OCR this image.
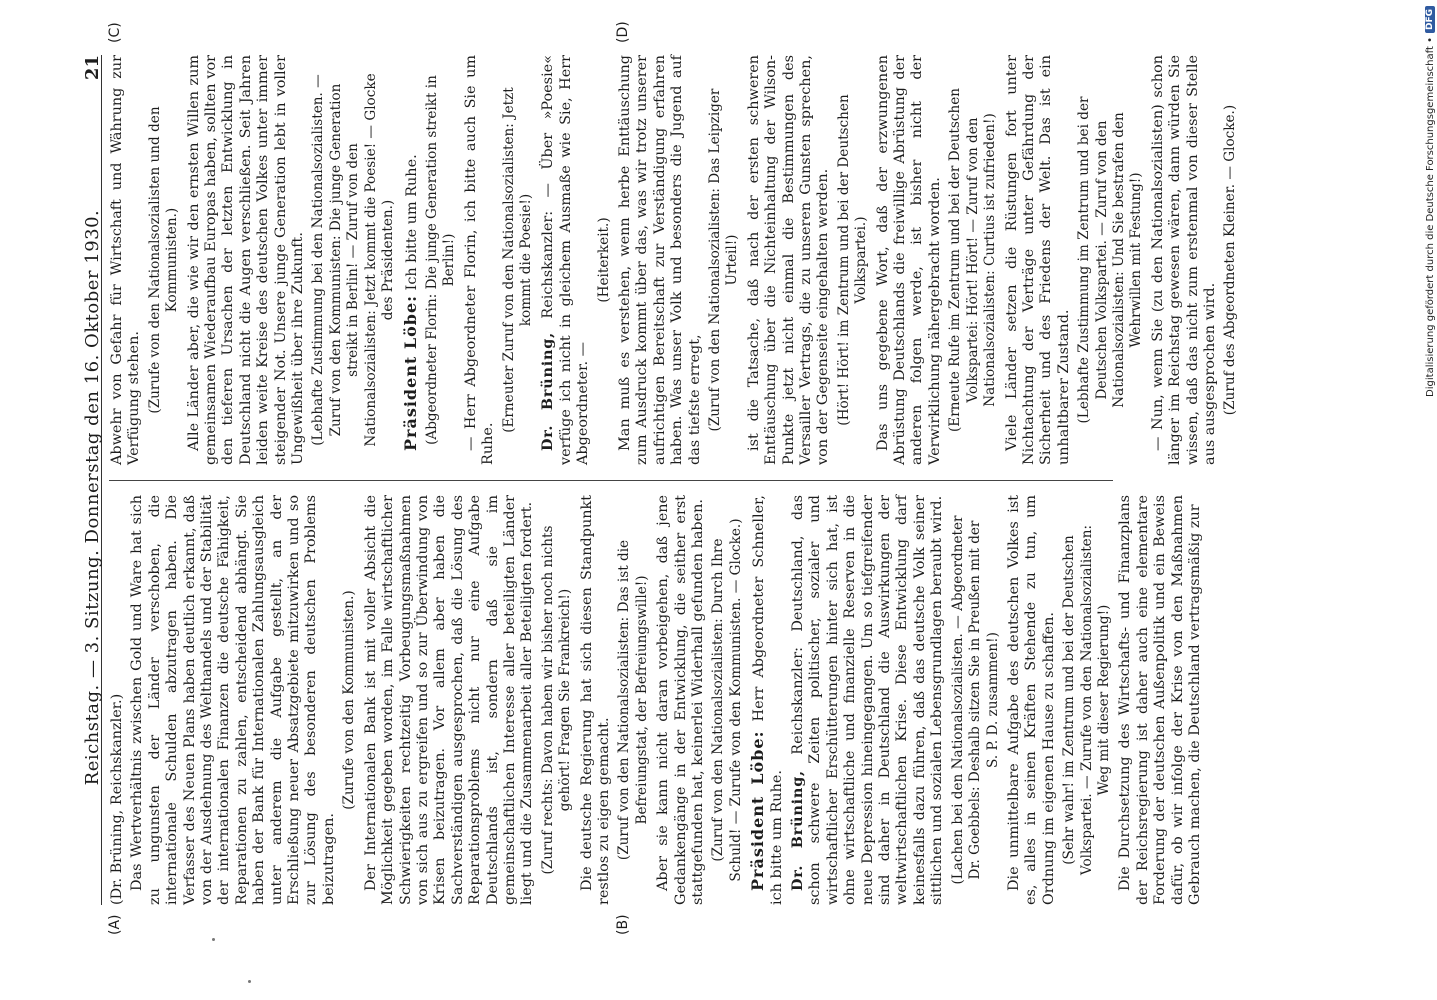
Reichstag. — 3. Sitzung. Donnerstag den 16. Oktober 1930.
21

(Dr. Brüning, Reichskanzler.) Das Wertverhältnis zwischen Gold und Ware hat sich zu ungunsten der Länder verschoben, die internationale Schulden abzutragen haben. Die Verfasser des Neuen Plans haben deutlich erkannt, daß von der Ausdehnung des Welthandels und der Stabilität der internationalen Finanzen die deutsche Fähigkeit, Reparationen zu zahlen, entscheidend abhängt. Sie haben der Bank für Internationalen Zahlungsausgleich unter anderem die Aufgabe gestellt, an der Erschließung neuer Absatzgebiete mitzuwirken und so zur Lösung des besonderen deutschen Problems beizutragen.

(Zurufe von den Kommunisten.) Der Internationalen Bank ist mit voller Absicht die Möglichkeit gegeben worden, im Falle wirtschaftlicher Schwierigkeiten rechtzeitig Vorbeugungsmaßnahmen von sich aus zu ergreifen und so zur Überwindung von Krisen beizutragen. Vor allem aber haben die Sachverständigen ausgesprochen, daß die Lösung des Reparationsproblems nicht nur eine Aufgabe Deutschlands ist, sondern daß sie im gemeinschaftlichen Interesse aller beteiligten Länder liegt und die Zusammenarbeit aller Beteiligten fordert. (Zuruf rechts: Davon haben wir bisher noch nichts gehört! Fragen Sie Frankreich!) Die deutsche Regierung hat sich diesen Standpunkt restlos zu eigen gemacht. (Zuruf von den Nationalsozialisten: Das ist die Befreiungstat, der Befreiungswille!) Aber sie kann nicht daran vorbeigehen, daß jene Gedankengänge in der Entwicklung, die seither erst stattgefunden hat, keinerlei Widerhall gefunden haben. (Zuruf von den Nationalsozialisten: Durch Ihre Schuld! — Zurufe von den Kommunisten. — Glocke.) Präsident Löbe: Herr Abgeordneter Schneller, ich bitte um Ruhe. Dr. Brüning, Reichskanzler: Deutschland, das schon schwere Zeiten politischer, sozialer und wirtschaftlicher Erschütterungen hinter sich hat, ist ohne wirtschaftliche und finanzielle Reserven in die neue Depression hineingegangen. Um so tiefgreifender sind daher in Deutschland die Auswirkungen der weltwirtschaftlichen Krise. Diese Entwicklung darf keinesfalls dazu führen, daß das deutsche Volk seiner sittlichen und sozialen Lebensgrundlagen beraubt wird. (Lachen bei den Nationalsozialisten. — Abgeordneter Dr. Goebbels: Deshalb sitzen Sie in Preußen mit der S. P. D. zusammen!) Die unmittelbare Aufgabe des deutschen Volkes ist es, alles in seinen Kräften Stehende zu tun, um Ordnung im eigenen Hause zu schaffen. (Sehr wahr! im Zentrum und bei der Deutschen Volkspartei. — Zurufe von den Nationalsozialisten: Weg mit dieser Regierung!) Die Durchsetzung des Wirtschafts- und Finanzplans der Reichsregierung ist daher auch eine elementare Forderung der deutschen Außenpolitik und ein Beweis dafür, ob wir infolge der Krise von den Maßnahmen Gebrauch machen, die Deutschland vertragsmäßig zur

Abwehr von Gefahr für Wirtschaft und Währung zur Verfügung stehen. (Zurufe von den Nationalsozialisten und den Kommunisten.) Alle Länder aber, die wie wir den ernsten Willen zum gemeinsamen Wiederaufbau Europas haben, sollten vor den tieferen Ursachen der letzten Entwicklung in Deutschland nicht die Augen verschließen. Seit Jahren leiden weite Kreise des deutschen Volkes unter immer steigender Not. Unsere junge Generation lebt in voller Ungewißheit über ihre Zukunft. (Lebhafte Zustimmung bei den Nationalsozialisten. — Zuruf von den Kommunisten: Die junge Generation streikt in Berlin! — Zuruf von den Nationalsozialisten: Jetzt kommt die Poesie! — Glocke des Präsidenten.)

Präsident Löbe: Ich bitte um Ruhe. (Abgeordneter Florin: Die junge Generation streikt in Berlin!) — Herr Abgeordneter Florin, ich bitte auch Sie um Ruhe.

(Erneuter Zuruf von den Nationalsozialisten: Jetzt kommt die Poesie!)

Dr. Brüning, Reichskanzler: — Über »Poesie« verfüge ich nicht in gleichem Ausmaße wie Sie, Herr Abgeordneter. —

(Heiterkeit.) Man muß es verstehen, wenn herbe Enttäuschung zum Ausdruck kommt über das, was wir trotz unserer aufrichtigen Bereitschaft zur Verständigung erfahren haben. Was unser Volk und besonders die Jugend auf das tiefste erregt, (Zuruf von den Nationalsozialisten: Das Leipziger Urteil!) ist die Tatsache, daß nach der ersten schweren Enttäuschung über die Nichteinhaltung der Wilson-Punkte jetzt nicht einmal die Bestimmungen des Versailler Vertrags, die zu unseren Gunsten sprechen, von der Gegenseite eingehalten werden. (Hört! Hört! im Zentrum und bei der Deutschen Volkspartei.) Das uns gegebene Wort, daß der erzwungenen Abrüstung Deutschlands die freiwillige Abrüstung der anderen folgen werde, ist bisher nicht der Verwirklichung nähergebracht worden. (Erneute Rufe im Zentrum und bei der Deutschen Volkspartei: Hört! Hört! — Zuruf von den Nationalsozialisten: Curtius ist zufrieden!) Viele Länder setzen die Rüstungen fort unter Nichtachtung der Verträge unter Gefährdung der Sicherheit und des Friedens der Welt. Das ist ein unhaltbarer Zustand. (Lebhafte Zustimmung im Zentrum und bei der Deutschen Volkspartei. — Zuruf von den Nationalsozialisten: Und Sie bestrafen den Wehrwillen mit Festung!) — Nun, wenn Sie (zu den Nationalsozialisten) schon länger im Reichstag gewesen wären, dann würden Sie wissen, daß das nicht zum erstenmal von dieser Stelle aus ausgesprochen wird. (Zuruf des Abgeordneten Kleiner. — Glocke.)

(A)	(B)
(C)	(D)
Digitalisierung gefördert durch die Deutsche Forschungsgemeinschaft •
DFG
